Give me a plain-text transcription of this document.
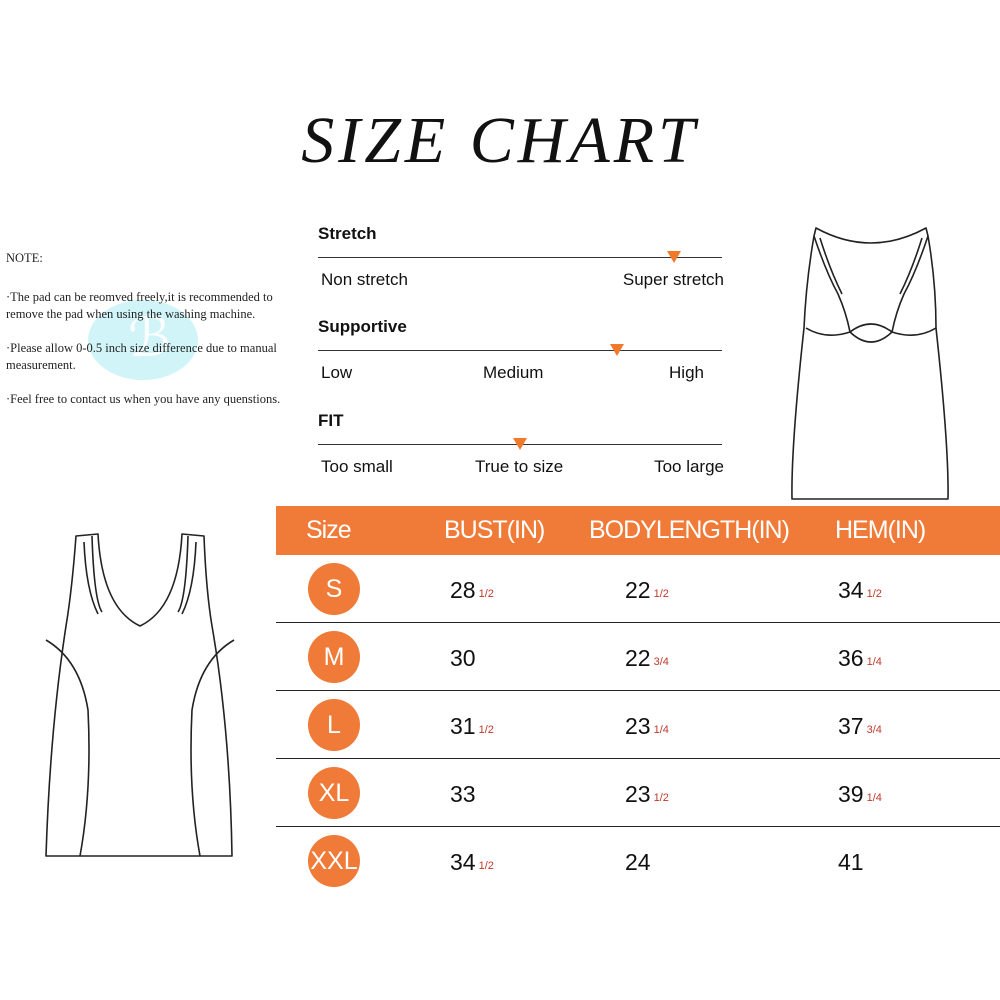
SIZE CHART
ℬ

NOTE:

·The pad can be reomved freely,it is recommended to remove the pad when using the washing machine.

·Please allow 0-0.5 inch size difference due to manual measurement.

·Feel free to contact us when you have any quenstions.

Stretch
Non stretch	Super stretch
Supportive
Low	Medium	High
FIT
Too small	True to size	Too large
Size	BUST(IN) BODYLENGTH(IN) HEM(IN)
S	28 1/2	22 1/2	34 1/2
M	30	22 3/4	36 1/4
L	31 1/2	23 1/4	37 3/4
XL	33	23 1/2	39 1/4
XXL	34 1/2	24	41
